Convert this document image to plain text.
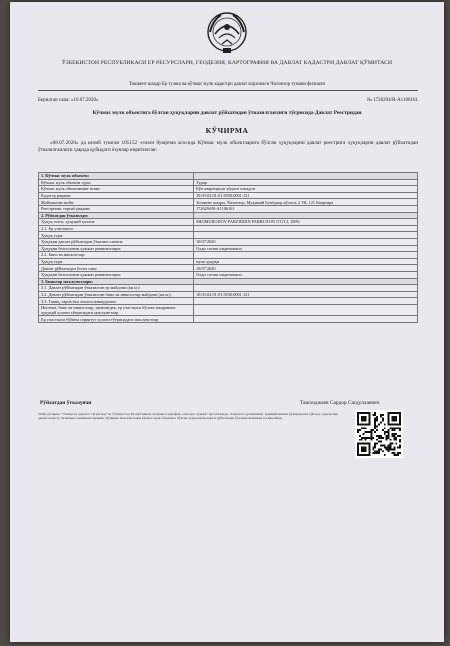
ЎЗБЕКИСТОН РЕСПУБЛИКАСИ ЕР РЕСУРСЛАРИ, ГЕОДЕЗИЯ, КАРТОГРАФИЯ ВА ДАВЛАТ КАДАСТРИ ДАВЛАТ ҚЎМИТАСИ
Тошкент шаҳар Ер тузиш ва кўчмас мулк кадастри давлат корхонаси Чилонзор тумани филиали
Берилган сана: «10.07.2020»	№ 1726294/R-A1106161
Кўчмас мулк объектига бўлган ҳуқуқларни давлат рўйхатидан ўтказилганлиги тўғрисида Давлат Реестридан
КЎЧИРМА
«08.07.2020» да келиб тушган 105152 -сонли буюртма асосида Кўчмас мулк объектларига бўлган ҳуқуқларни давлат реестрига ҳуқуқларни давлат рўйхатидан ўтказилганлиги ҳақида қуйидаги ёзувлар киритилган:
1. Кўчмас мулк объекти:	
Кўчмас мулк объекти тури:	Турар
Кўчмас мулк объектининг номи:	Кўп квартирали уйдаги хонадон
Кадастр рақами:	10:03:02:01:01:5030:0001:121
Жойлашган жойи:	Тошкент шаҳри, Чилонзор, Муқимий Бунёдкор кўчаси, 2 Уй, 121 Квартира
Реестрнинг тартиб рақами:	1726294/R-A1106161
2. Рўйхатдан ўтказилди:	
Ҳуқуқ эгаси, ҳуқуқий ҳолати:	SHOMURODOV FARZIDDIN FARRUXON O'G'LI, 100%
2.1. Ер участкаси:	
Ҳуқуқ тури:	
Ҳуқуқни давлат рўйхатидан ўтказиш санаси:	10/07/2020
Ҳуқуқни белгиловчи ҳужжат реквизитлари:	Олди сотиш шартномаси
2.2. Бино ва иншоотлар:	
Ҳуқуқ тури:	мулк ҳуқуқи
Давлат рўйхатидан ўтган сана:	10/07/2020
Ҳуқуқни белгиловчи ҳужжат реквизитлари:	Олди сотиш шартномаси
3. Бинолар маълумотлари:	
3.1. Давлат рўйхатидан ўтказилган ер майдони (кв.м.):	
3.2. Давлат рўйхатидан ўтказилган бино ва иншоотлар майдони (кв.м.):	10:03:02:01:01:5030:0001:121
3.3. Такиқ, гаров ёки чеклов мавжудлиги:	
Ипотека, бино ва иншоотлар, шунингдек, ер участкаси бўлган ижаранинг ҳуқуқий ҳолати тўғрисидаги маълумотлар	
Ер участкаси бўйича сервитут ҳолати тўғрисидаги маълумотлар	
Рўйхатдан ўтказувчи	Ташходжаев Сардор Сагдуллаевич
Ушбу кўчирма "Электрон ҳукумат тўғрисида"ги Ўзбекистон Республикаси қонунига мувофиқ электрон ҳужжат ҳисобланади. Электрон ҳужжатнинг ҳақиқийлигини кўчирмадаги QR-код орқали ёки давлат кадастр тизимида текшириш мумкин. Кўчирма маълумотлари кўчмас мулк объектига бўлган ҳуқуқларни давлат рўйхатидан ўтказилганлигини тасдиқлайди.
